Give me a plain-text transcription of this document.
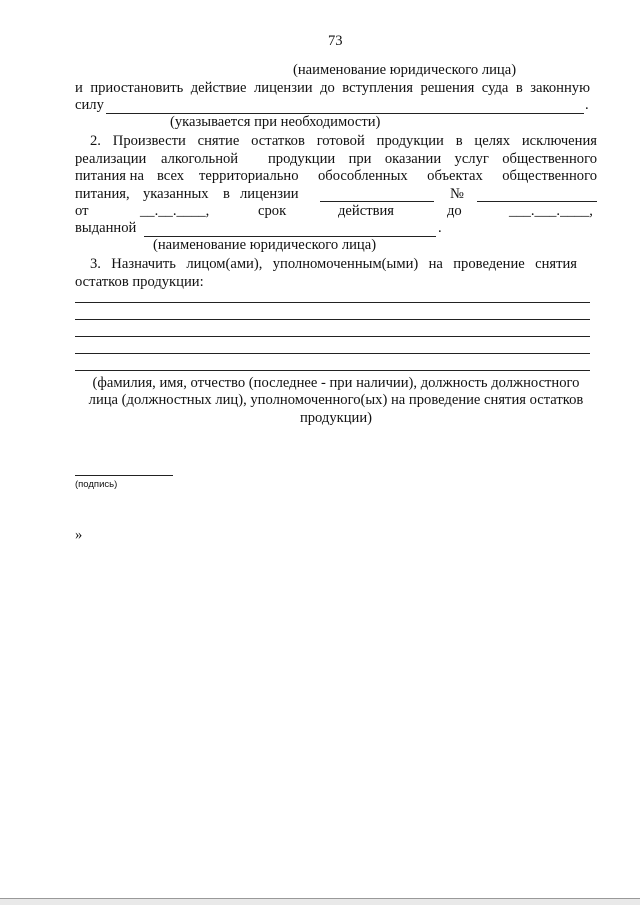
73
(наименование юридического лица)
и приостановить действие лицензии до вступления решения суда в законную
силу	.
(указывается при необходимости)
2. Произвести снятие остатков готовой продукции в целях исключения
реализации алкогольной продукции при оказании услуг общественного
питания на всех территориально обособленных объектах общественного
питания, указанных в лицензии	№
от	__.__.____,	срок	действия	до	___.___.____,
выданной	.
(наименование юридического лица)
3. Назначить лицом(ами), уполномоченным(ыми) на проведение снятия
остатков продукции:
(фамилия, имя, отчество (последнее - при наличии), должность должностного
лица (должностных лиц), уполномоченного(ых) на проведение снятия остатков
продукции)
(подпись)
»
